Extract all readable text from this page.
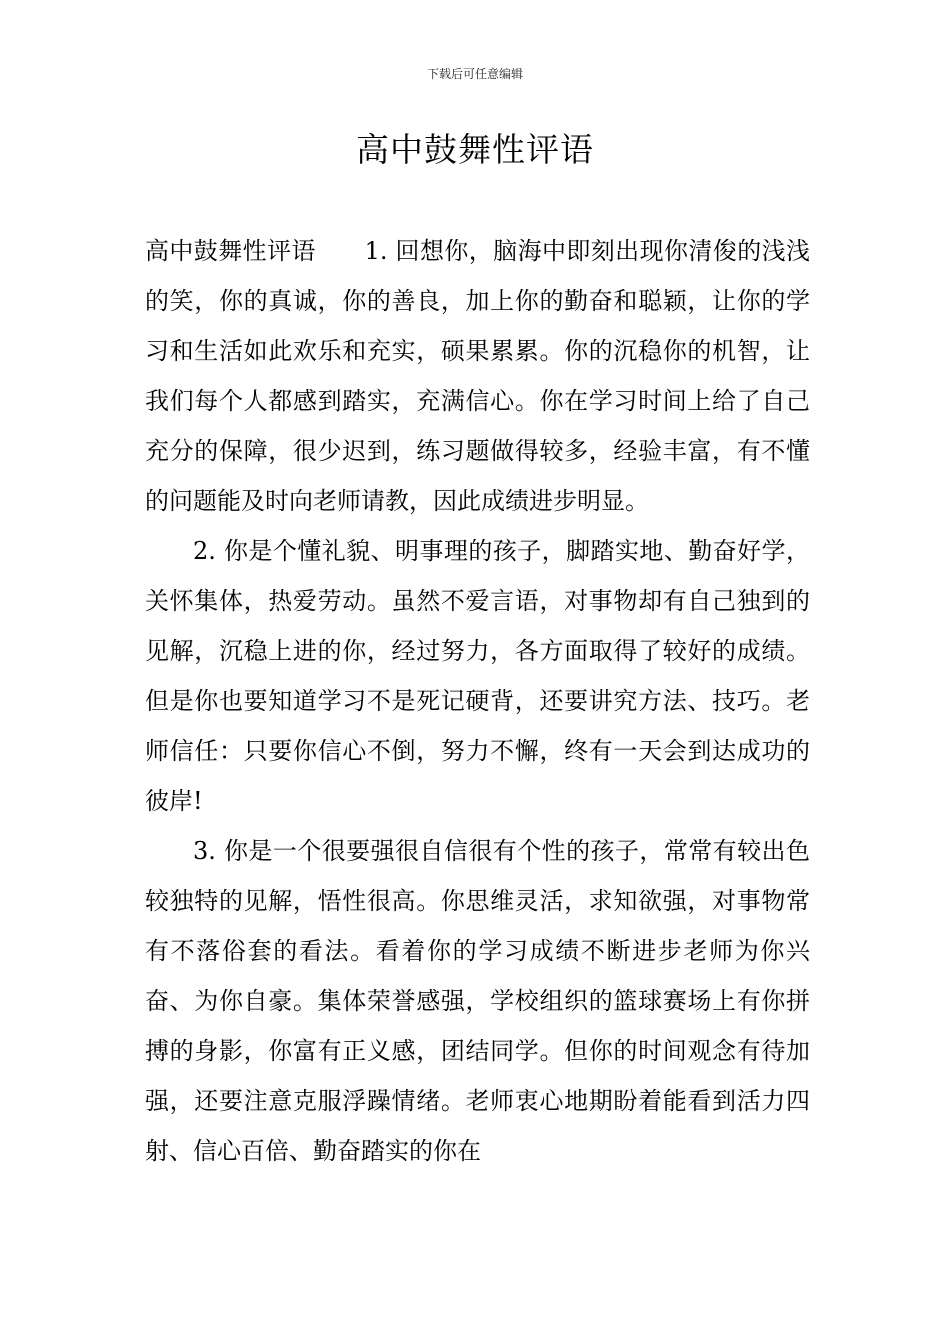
下载后可任意编辑
高中鼓舞性评语

高中鼓舞性评语　　1. 回想你，脑海中即刻出现你清俊的浅浅的笑，你的真诚，你的善良，加上你的勤奋和聪颖，让你的学习和生活如此欢乐和充实，硕果累累。你的沉稳你的机智，让我们每个人都感到踏实，充满信心。你在学习时间上给了自己充分的保障，很少迟到，练习题做得较多，经验丰富，有不懂的问题能及时向老师请教，因此成绩进步明显。

2. 你是个懂礼貌、明事理的孩子，脚踏实地、勤奋好学，关怀集体，热爱劳动。虽然不爱言语，对事物却有自己独到的见解，沉稳上进的你，经过努力，各方面取得了较好的成绩。但是你也要知道学习不是死记硬背，还要讲究方法、技巧。老师信任：只要你信心不倒，努力不懈，终有一天会到达成功的彼岸!

3. 你是一个很要强很自信很有个性的孩子，常常有较出色较独特的见解，悟性很高。你思维灵活，求知欲强，对事物常有不落俗套的看法。看着你的学习成绩不断进步老师为你兴奋、为你自豪。集体荣誉感强，学校组织的篮球赛场上有你拼搏的身影，你富有正义感，团结同学。但你的时间观念有待加强，还要注意克服浮躁情绪。老师衷心地期盼着能看到活力四射、信心百倍、勤奋踏实的你在
